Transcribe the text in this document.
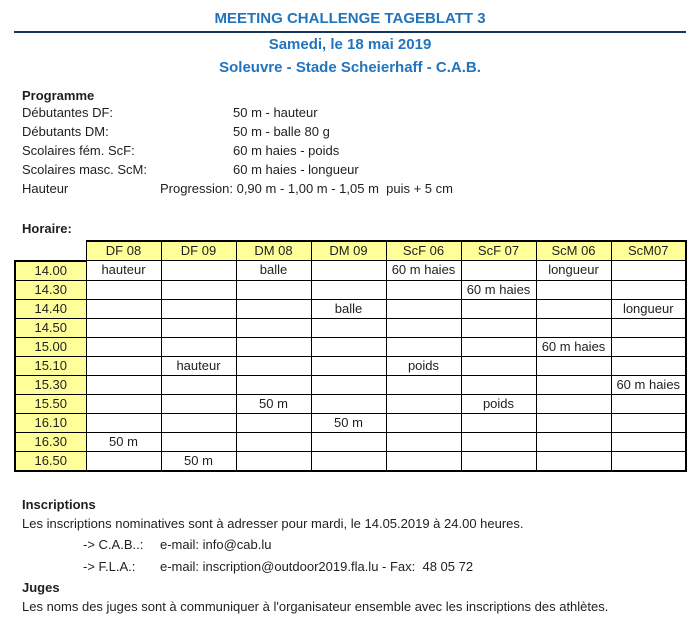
MEETING CHALLENGE TAGEBLATT 3
Samedi, le 18 mai 2019
Soleuvre - Stade Scheierhaff - C.A.B.
Programme
Débutantes DF:	50 m - hauteur
Débutants DM:	50 m - balle 80 g
Scolaires fém. ScF:	60 m haies - poids
Scolaires masc. ScM:	60 m haies - longueur
Hauteur	Progression: 0,90 m - 1,00 m - 1,05 m  puis + 5 cm
Horaire:
	DF 08	DF 09	DM 08	DM 09	ScF 06	ScF 07	ScM 06	ScM07
14.00	hauteur		balle		60 m haies		longueur	
14.30						60 m haies		
14.40				balle				longueur
14.50								
15.00							60 m haies	
15.10		hauteur			poids			
15.30								60 m haies
15.50			50 m			poids		
16.10				50 m				
16.30	50 m							
16.50		50 m						
Inscriptions
Les inscriptions nominatives sont à adresser pour mardi, le 14.05.2019 à 24.00 heures.
-> C.A.B..:	e-mail: info@cab.lu
-> F.L.A.:	e-mail: inscription@outdoor2019.fla.lu - Fax:  48 05 72
Juges
Les noms des juges sont à communiquer à l'organisateur ensemble avec les inscriptions des athlètes.
